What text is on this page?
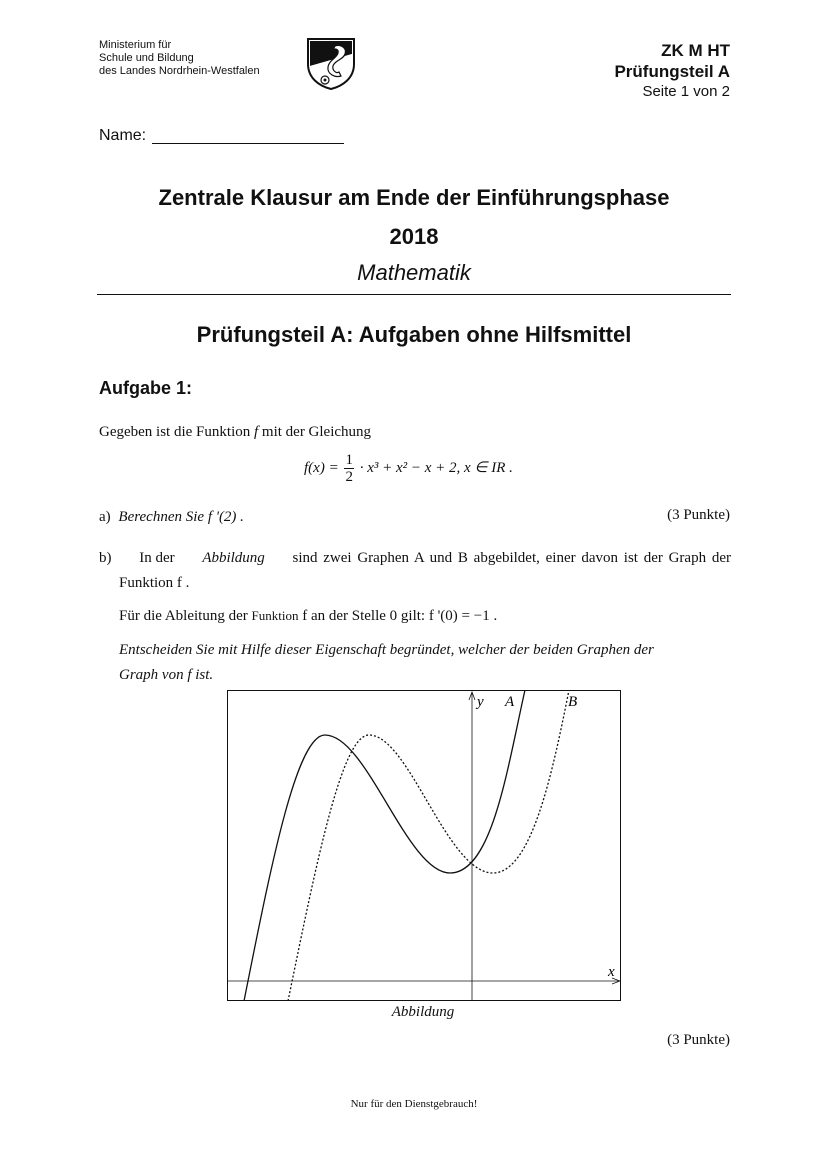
Ministerium für
Schule und Bildung
des Landes Nordrhein-Westfalen
ZK M HT
Prüfungsteil A
Seite 1 von 2
Name:
Zentrale Klausur am Ende der Einführungsphase
2018
Mathematik
Prüfungsteil A: Aufgaben ohne Hilfsmittel
Aufgabe 1:
Gegeben ist die Funktion f mit der Gleichung
$f(x) = \frac{1}{2} \cdot x^3 + x^2 - x + 2$, x ∈ IR .
a) Berechnen Sie f '(2) .	(3 Punkte)
b) In der Abbildung sind zwei Graphen A und B abgebildet, einer davon ist der Graph der
Funktion f .
Für die Ableitung der Funktion f an der Stelle 0 gilt: f '(0) = −1 .
Entscheiden Sie mit Hilfe dieser Eigenschaft begründet, welcher der beiden Graphen der
Graph von f ist.
y A	B
x
Abbildung
(3 Punkte)
Nur für den Dienstgebrauch!
